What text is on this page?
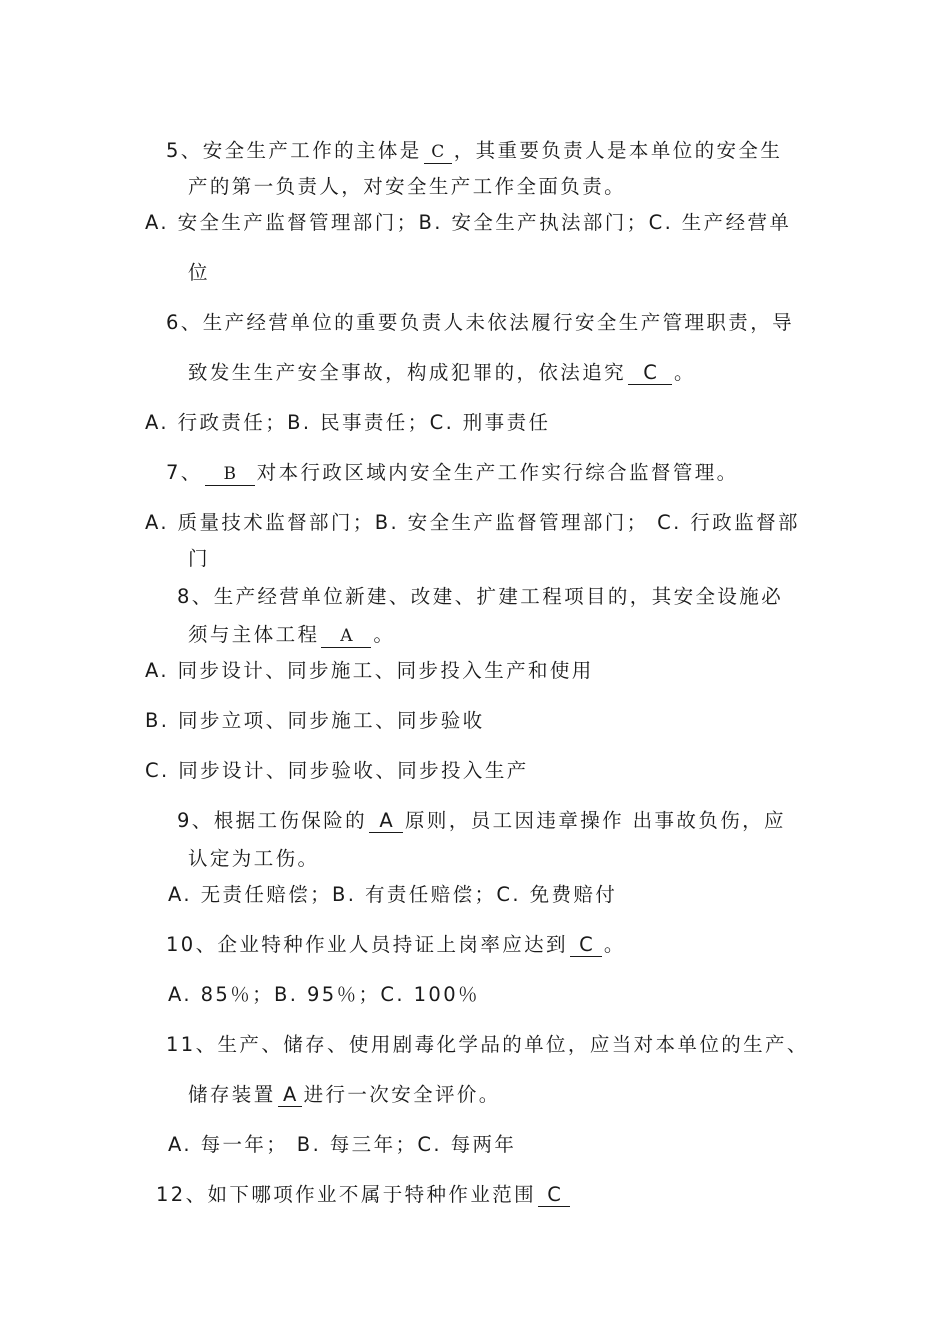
5、安全生产工作的主体是 C ，其重要负责人是本单位的安全生
产的第一负责人，对安全生产工作全面负责。
A. 安全生产监督管理部门；B. 安全生产执法部门；C. 生产经营单
位
6、生产经营单位的重要负责人未依法履行安全生产管理职责，导
致发生生产安全事故，构成犯罪的，依法追究 C 。
A. 行政责任；B. 民事责任；C. 刑事责任
7、 B 对本行政区域内安全生产工作实行综合监督管理。
A. 质量技术监督部门；B. 安全生产监督管理部门； C. 行政监督部
门
8、生产经营单位新建、改建、扩建工程项目的，其安全设施必
须与主体工程 A 。
A. 同步设计、同步施工、同步投入生产和使用
B. 同步立项、同步施工、同步验收
C. 同步设计、同步验收、同步投入生产
9、根据工伤保险的 A 原则，员工因违章操作 出事故负伤，应
认定为工伤。
A. 无责任赔偿；B. 有责任赔偿；C. 免费赔付
10、企业特种作业人员持证上岗率应达到 C 。
A. 85％；B. 95％；C. 100％
11、生产、储存、使用剧毒化学品的单位，应当对本单位的生产、
储存装置 A 进行一次安全评价。
A. 每一年； B. 每三年；C. 每两年
12、如下哪项作业不属于特种作业范围 C
